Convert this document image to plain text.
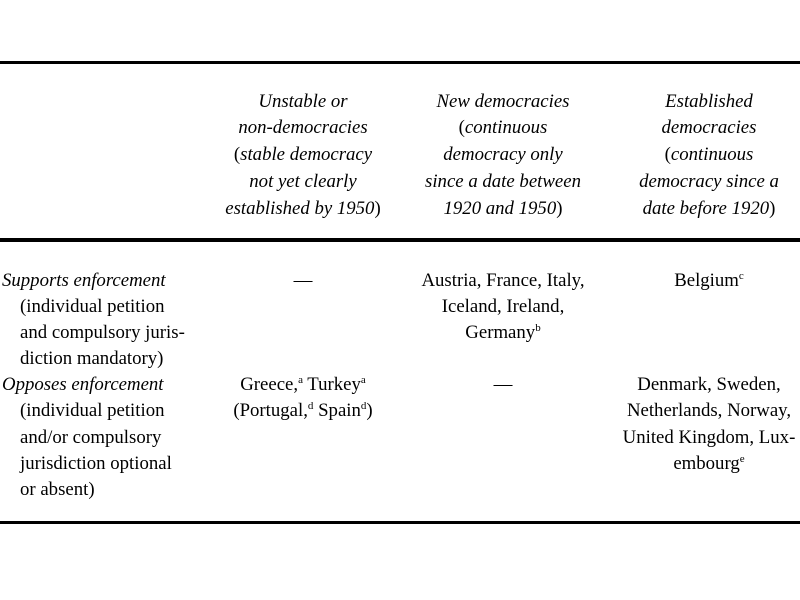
Unstable or
non-democracies
(stable democracy
not yet clearly
established by 1950)
New democracies
(continuous
democracy only
since a date between
1920 and 1950)
Established
democracies
(continuous
democracy since a
date before 1920)
Supports enforcement
(individual petition
and compulsory juris-
diction mandatory)
—	Austria, France, Italy,
Iceland, Ireland,
Germany$^b$
Belgium$^c$
Opposes enforcement
(individual petition
and/or compulsory
jurisdiction optional
or absent)
Greece,$^a$ Turkey$^a$
(Portugal,$^d$ Spain$^d$)
—	Denmark, Sweden,
Netherlands, Norway,
United Kingdom, Lux-
embourg$^e$
